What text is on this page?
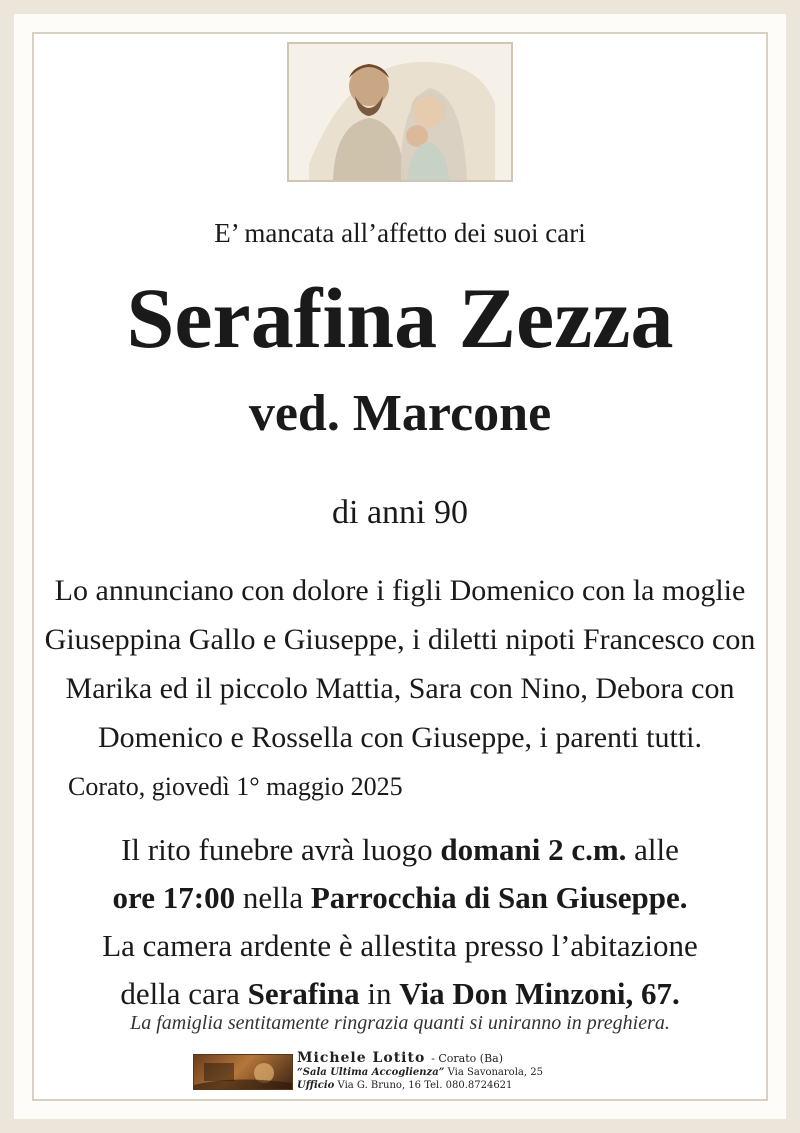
E’ mancata all’affetto dei suoi cari
Serafina Zezza
ved. Marcone
di anni 90
Lo annunciano con dolore i figli Domenico con la moglie
Giuseppina Gallo e Giuseppe, i diletti nipoti Francesco con
Marika ed il piccolo Mattia, Sara con Nino, Debora con
Domenico e Rossella con Giuseppe, i parenti tutti.
Corato, giovedì 1° maggio 2025
Il rito funebre avrà luogo domani 2 c.m. alle
ore 17:00 nella Parrocchia di San Giuseppe.
La camera ardente è allestita presso l’abitazione
della cara Serafina in Via Don Minzoni, 67.
La famiglia sentitamente ringrazia quanti si uniranno in preghiera.
Michele Lotito - Corato (Ba)
“Sala Ultima Accoglienza” Via Savonarola, 25
Ufficio Via G. Bruno, 16 Tel. 080.8724621
